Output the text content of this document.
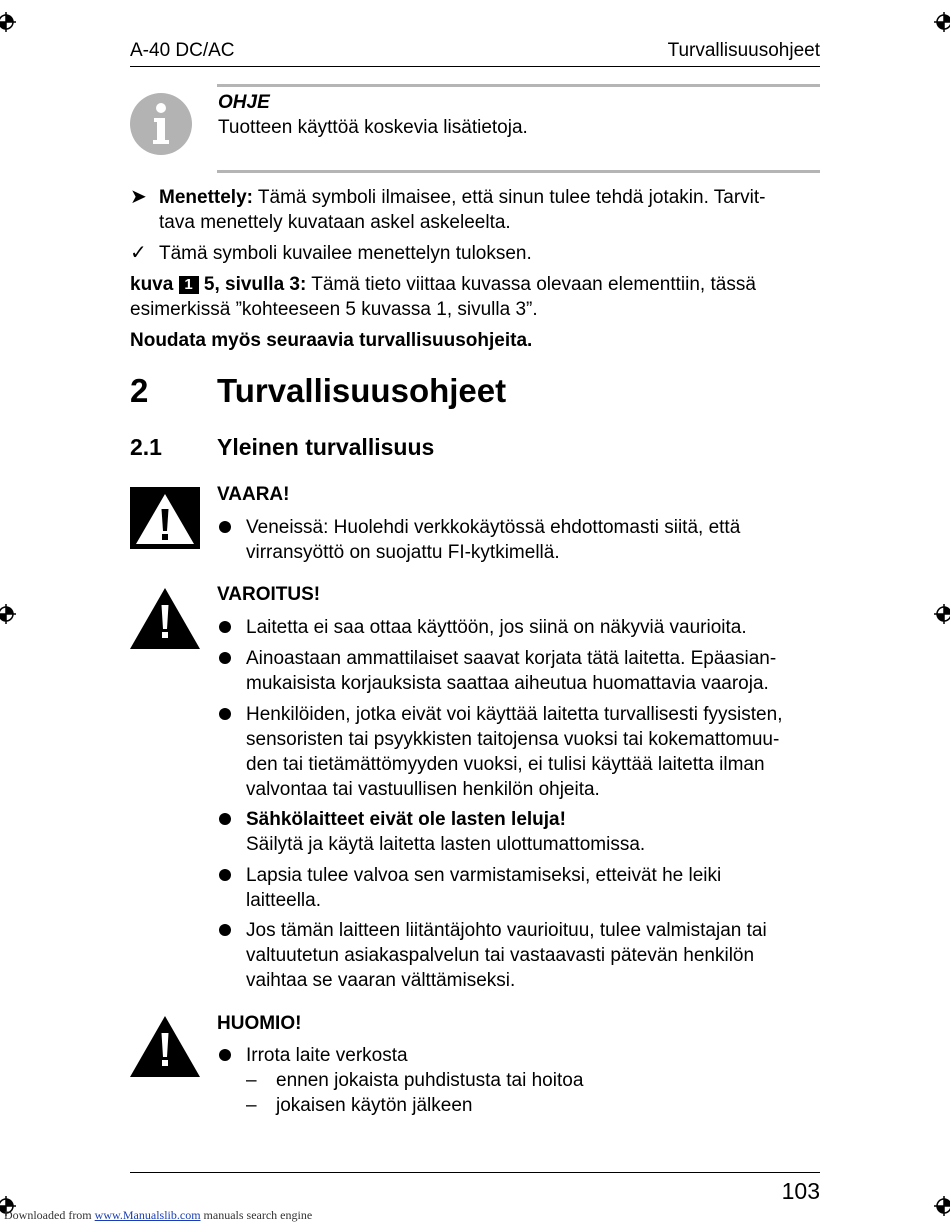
A-40 DC/AC	Turvallisuusohjeet
OHJE
Tuotteen käyttöä koskevia lisätietoja.
➤ Menettely: Tämä symboli ilmaisee, että sinun tulee tehdä jotakin. Tarvit-
tava menettely kuvataan askel askeleelta.
✓ Tämä symboli kuvailee menettelyn tuloksen.
kuva 1 5, sivulla 3: Tämä tieto viittaa kuvassa olevaan elementtiin, tässä
esimerkissä ”kohteeseen 5 kuvassa 1, sivulla 3”.
Noudata myös seuraavia turvallisuusohjeita.
2 Turvallisuusohjeet
2.1 Yleinen turvallisuus
VAARA!
Veneissä: Huolehdi verkkokäytössä ehdottomasti siitä, että
virransyöttö on suojattu FI-kytkimellä.
VAROITUS!
Laitetta ei saa ottaa käyttöön, jos siinä on näkyviä vaurioita.
Ainoastaan ammattilaiset saavat korjata tätä laitetta. Epäasian-
mukaisista korjauksista saattaa aiheutua huomattavia vaaroja.
Henkilöiden, jotka eivät voi käyttää laitetta turvallisesti fyysisten,
sensoristen tai psyykkisten taitojensa vuoksi tai kokemattomuu-
den tai tietämättömyyden vuoksi, ei tulisi käyttää laitetta ilman
valvontaa tai vastuullisen henkilön ohjeita.
Sähkölaitteet eivät ole lasten leluja!
Säilytä ja käytä laitetta lasten ulottumattomissa.
Lapsia tulee valvoa sen varmistamiseksi, etteivät he leiki
laitteella.
Jos tämän laitteen liitäntäjohto vaurioituu, tulee valmistajan tai
valtuutetun asiakaspalvelun tai vastaavasti pätevän henkilön
vaihtaa se vaaran välttämiseksi.
HUOMIO!
Irrota laite verkosta
– ennen jokaista puhdistusta tai hoitoa
– jokaisen käytön jälkeen
103
Downloaded from www.Manualslib.com manuals search engine
